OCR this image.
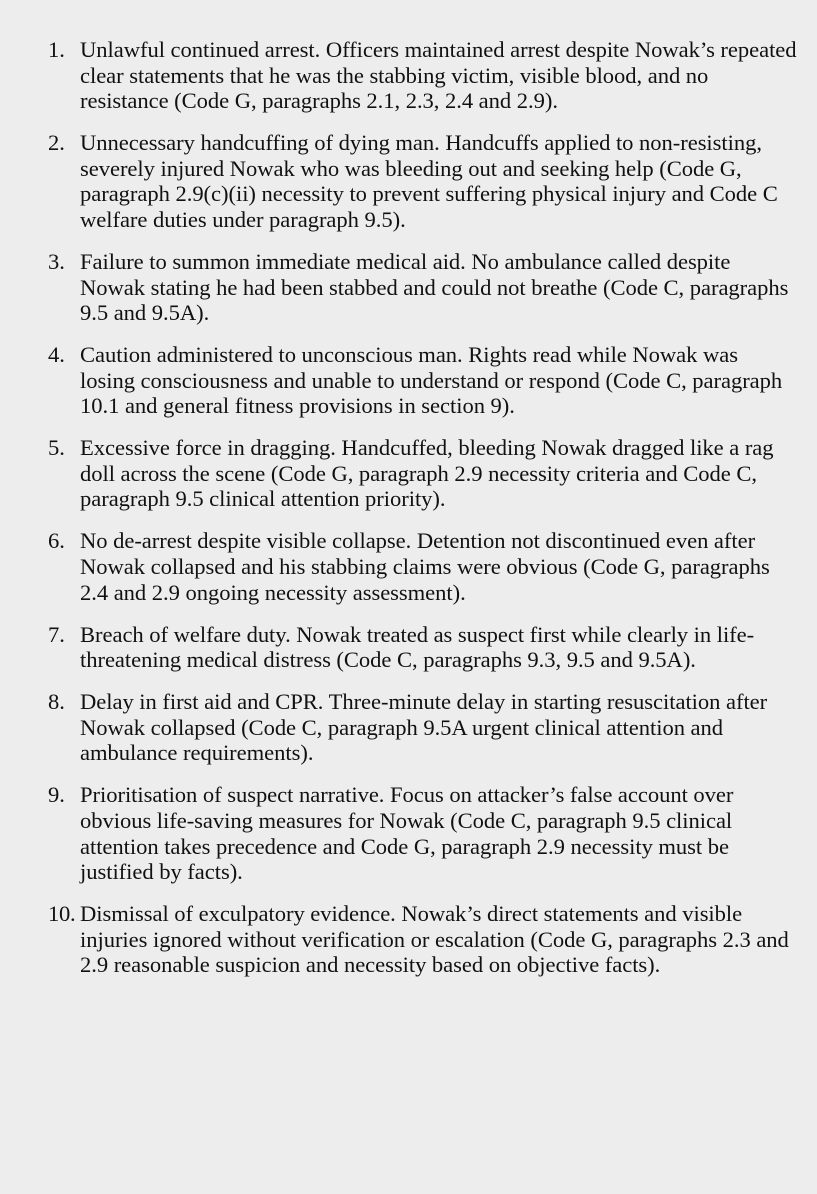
1. Unlawful continued arrest. Officers maintained arrest despite Nowak’s repeated clear statements that he was the stabbing victim, visible blood, and no resistance (Code G, paragraphs 2.1, 2.3, 2.4 and 2.9).
2. Unnecessary handcuffing of dying man. Handcuffs applied to non-resisting, severely injured Nowak who was bleeding out and seeking help (Code G, paragraph 2.9(c)(ii) necessity to prevent suffering physical injury and Code C welfare duties under paragraph 9.5).
3. Failure to summon immediate medical aid. No ambulance called despite Nowak stating he had been stabbed and could not breathe (Code C, paragraphs 9.5 and 9.5A).
4. Caution administered to unconscious man. Rights read while Nowak was losing consciousness and unable to understand or respond (Code C, paragraph 10.1 and general fitness provisions in section 9).
5. Excessive force in dragging. Handcuffed, bleeding Nowak dragged like a rag doll across the scene (Code G, paragraph 2.9 necessity criteria and Code C, paragraph 9.5 clinical attention priority).
6. No de-arrest despite visible collapse. Detention not discontinued even after Nowak collapsed and his stabbing claims were obvious (Code G, paragraphs 2.4 and 2.9 ongoing necessity assessment).
7. Breach of welfare duty. Nowak treated as suspect first while clearly in life-threatening medical distress (Code C, paragraphs 9.3, 9.5 and 9.5A).
8. Delay in first aid and CPR. Three-minute delay in starting resuscitation after Nowak collapsed (Code C, paragraph 9.5A urgent clinical attention and ambulance requirements).
9. Prioritisation of suspect narrative. Focus on attacker’s false account over obvious life-saving measures for Nowak (Code C, paragraph 9.5 clinical attention takes precedence and Code G, paragraph 2.9 necessity must be justified by facts).
10. Dismissal of exculpatory evidence. Nowak’s direct statements and visible injuries ignored without verification or escalation (Code G, paragraphs 2.3 and 2.9 reasonable suspicion and necessity based on objective facts).
